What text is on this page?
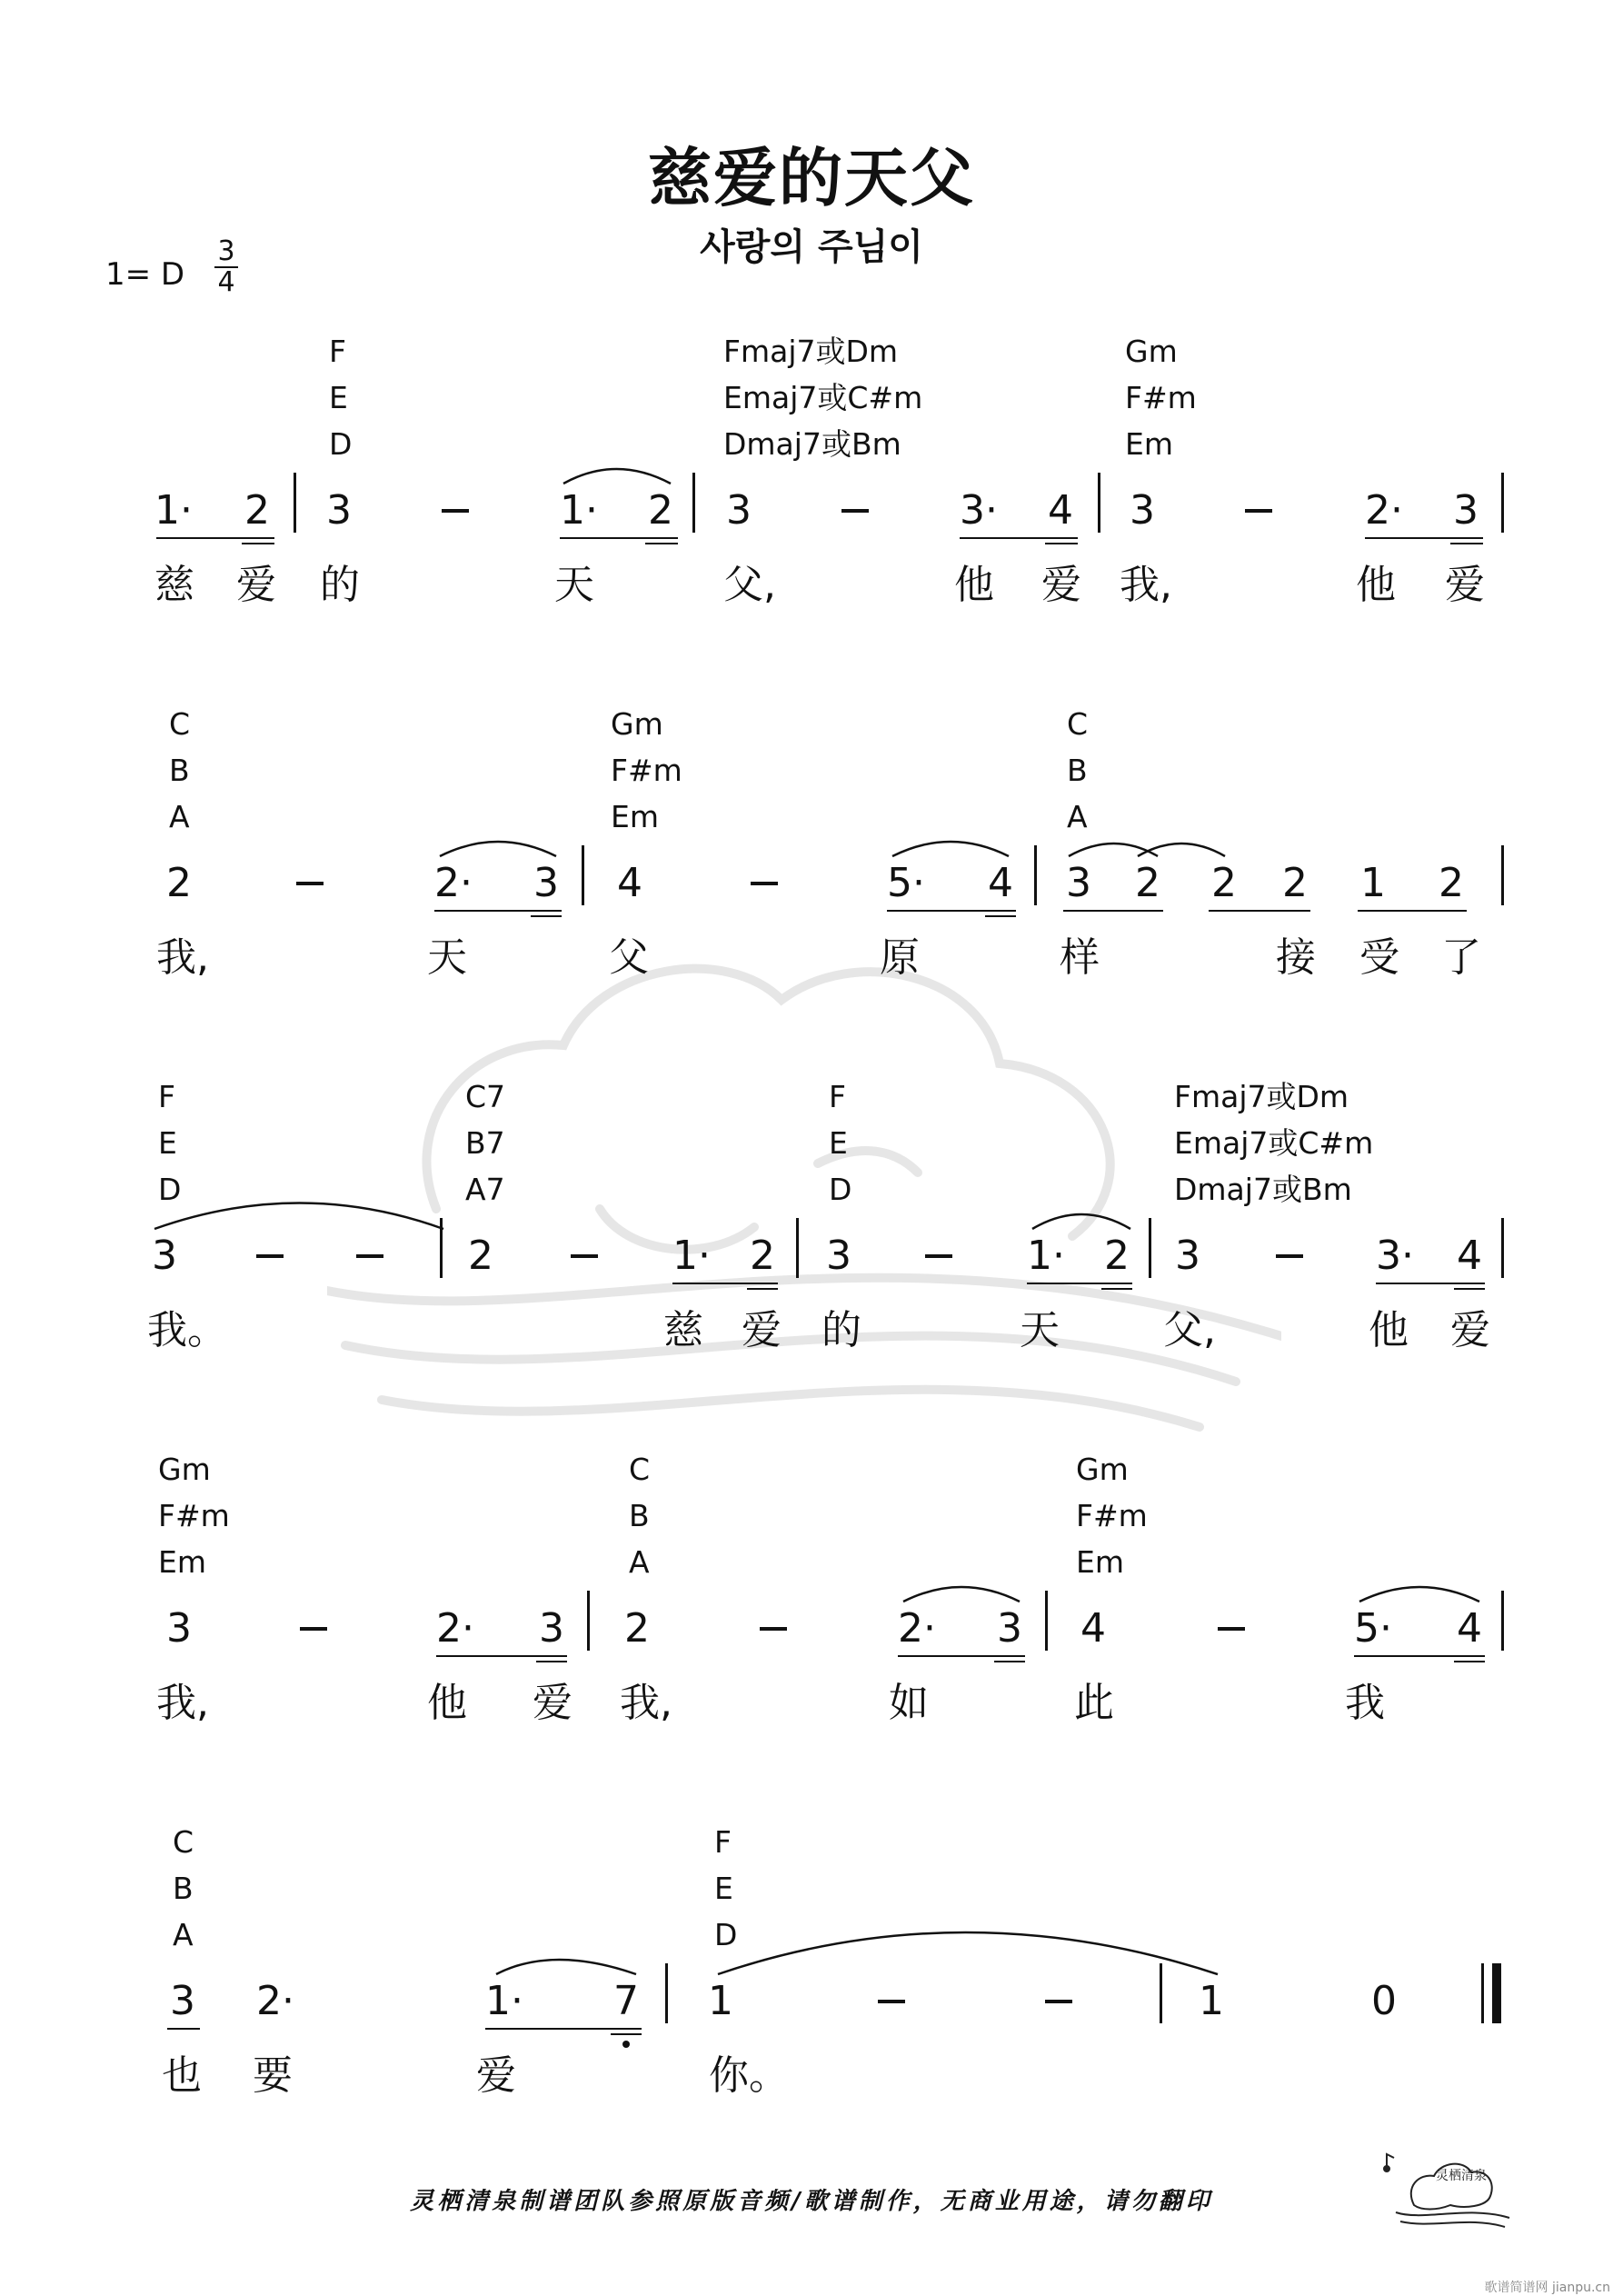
慈爱的天父
사랑의 주님이
1= D
3
4
F
E
D
Fmaj7或Dm
Emaj7或C#m
Dmaj7或Bm
Gm
F#m
Em
1·	2 3	1·	2 3	3·	4 3	2·	3
慈 爱 的	天	父,	他 爱 我,	他 爱
C
B
A
Gm
F#m
Em
C
B
A
2	2·	3 4	5·	4 3 2 2 2 1 2
我,	天	父	原	样	接 受 了
F
E
D
C7
B7
A7
F
E
D
Fmaj7或Dm
Emaj7或C#m
Dmaj7或Bm
3	2	1· 2 3	1· 2 3	3·	4
我。	慈 爱 的	天	父,	他 爱
Gm
F#m
Em
C
B
A
Gm
F#m
Em
3	2·	3 2	2·	3 4	5·	4
我,	他 爱 我,	如	此	我
C
B
A
F
E
D
3 2·	1·	7 1	1	0
也 要	爱	你。
灵栖清泉制谱团队参照原版音频/歌谱制作，无商业用途，请勿翻印
灵栖清泉
歌谱简谱网 jianpu.cn
